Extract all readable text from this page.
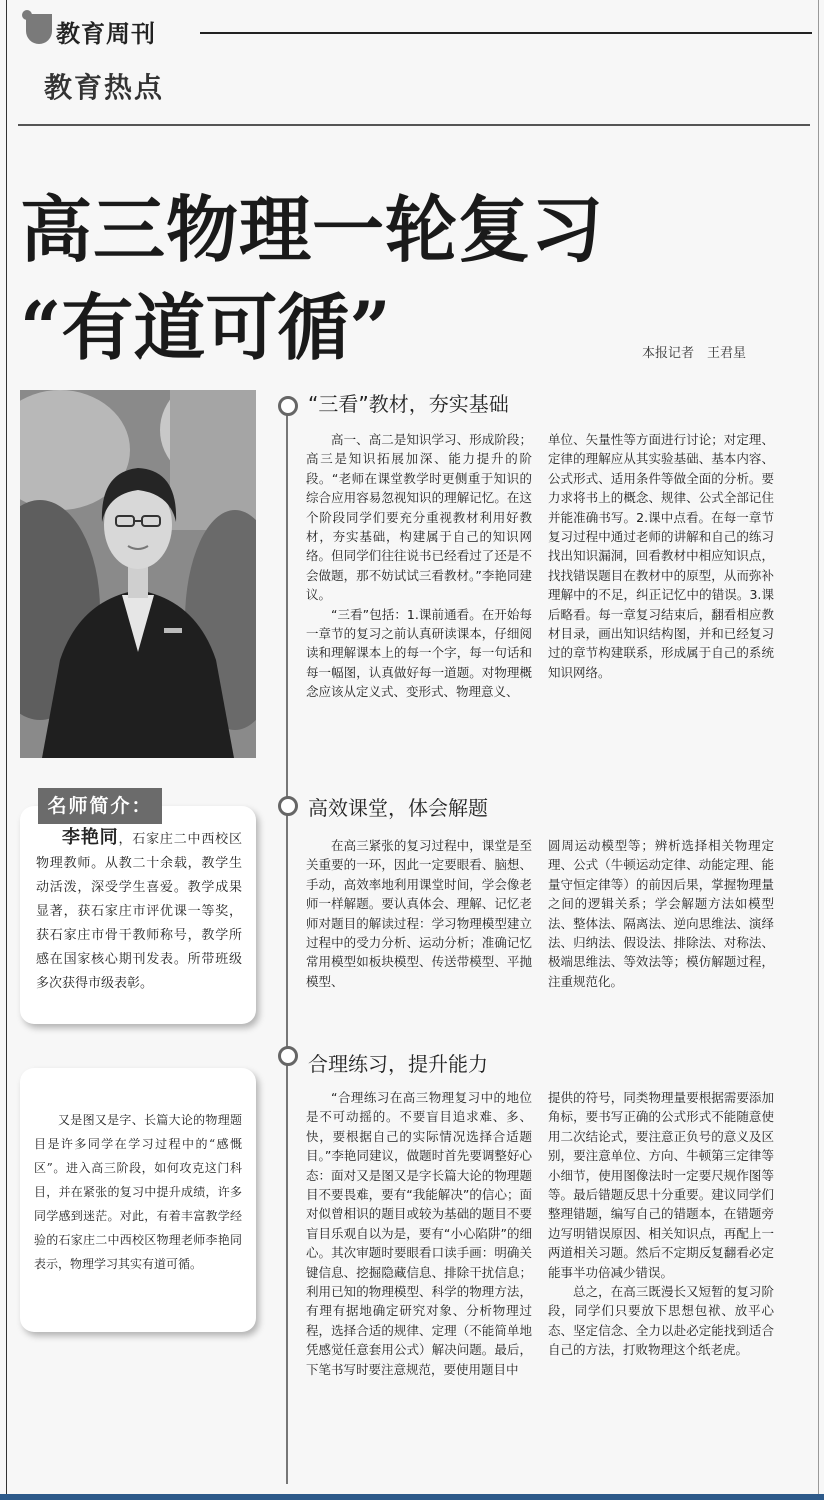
教育周刊
教育热点
高三物理一轮复习
“有道可循”	本报记者　王君星
“三看”教材，夯实基础

高一、高二是知识学习、形成阶段；高三是知识拓展加深、能力提升的阶段。“老师在课堂教学时更侧重于知识的综合应用容易忽视知识的理解记忆。在这个阶段同学们要充分重视教材利用好教材，夯实基础，构建属于自己的知识网络。但同学们往往说书已经看过了还是不会做题，那不妨试试三看教材。”李艳同建议。

“三看”包括：1.课前通看。在开始每一章节的复习之前认真研读课本，仔细阅读和理解课本上的每一个字，每一句话和每一幅图，认真做好每一道题。对物理概念应该从定义式、变形式、物理意义、

单位、矢量性等方面进行讨论；对定理、定律的理解应从其实验基础、基本内容、公式形式、适用条件等做全面的分析。要力求将书上的概念、规律、公式全部记住并能准确书写。2.课中点看。在每一章节复习过程中通过老师的讲解和自己的练习找出知识漏洞，回看教材中相应知识点，找找错误题目在教材中的原型，从而弥补理解中的不足，纠正记忆中的错误。3.课后略看。每一章复习结束后，翻看相应教材目录，画出知识结构图，并和已经复习过的章节构建联系，形成属于自己的系统知识网络。

高效课堂，体会解题

在高三紧张的复习过程中，课堂是至关重要的一环，因此一定要眼看、脑想、手动，高效率地利用课堂时间，学会像老师一样解题。要认真体会、理解、记忆老师对题目的解读过程：学习物理模型建立过程中的受力分析、运动分析；准确记忆常用模型如板块模型、传送带模型、平抛模型、

圆周运动模型等；辨析选择相关物理定理、公式（牛顿运动定律、动能定理、能量守恒定律等）的前因后果，掌握物理量之间的逻辑关系；学会解题方法如模型法、整体法、隔离法、逆向思维法、演绎法、归纳法、假设法、排除法、对称法、极端思维法、等效法等；模仿解题过程，注重规范化。

合理练习，提升能力

“合理练习在高三物理复习中的地位是不可动摇的。不要盲目追求难、多、快，要根据自己的实际情况选择合适题目。”李艳同建议，做题时首先要调整好心态：面对又是图又是字长篇大论的物理题目不要畏难，要有“我能解决”的信心；面对似曾相识的题目或较为基础的题目不要盲目乐观自以为是，要有“小心陷阱”的细心。其次审题时要眼看口读手画：明确关键信息、挖掘隐藏信息、排除干扰信息；利用已知的物理模型、科学的物理方法，有理有据地确定研究对象、分析物理过程，选择合适的规律、定理（不能简单地凭感觉任意套用公式）解决问题。最后，下笔书写时要注意规范，要使用题目中

提供的符号，同类物理量要根据需要添加角标，要书写正确的公式形式不能随意使用二次结论式，要注意正负号的意义及区别，要注意单位、方向、牛顿第三定律等小细节，使用图像法时一定要尺规作图等等。最后错题反思十分重要。建议同学们整理错题，编写自己的错题本，在错题旁边写明错误原因、相关知识点，再配上一两道相关习题。然后不定期反复翻看必定能事半功倍减少错误。

总之，在高三既漫长又短暂的复习阶段，同学们只要放下思想包袱、放平心态、坚定信念、全力以赴必定能找到适合自己的方法，打败物理这个纸老虎。

名师简介：
李艳同，石家庄二中西校区物理教师。从教二十余载，教学生动活泼，深受学生喜爱。教学成果显著，获石家庄市评优课一等奖，获石家庄市骨干教师称号，教学所感在国家核心期刊发表。所带班级多次获得市级表彰。
又是图又是字、长篇大论的物理题目是许多同学在学习过程中的“感慨区”。进入高三阶段，如何攻克这门科目，并在紧张的复习中提升成绩，许多同学感到迷茫。对此，有着丰富教学经验的石家庄二中西校区物理老师李艳同表示，物理学习其实有道可循。
